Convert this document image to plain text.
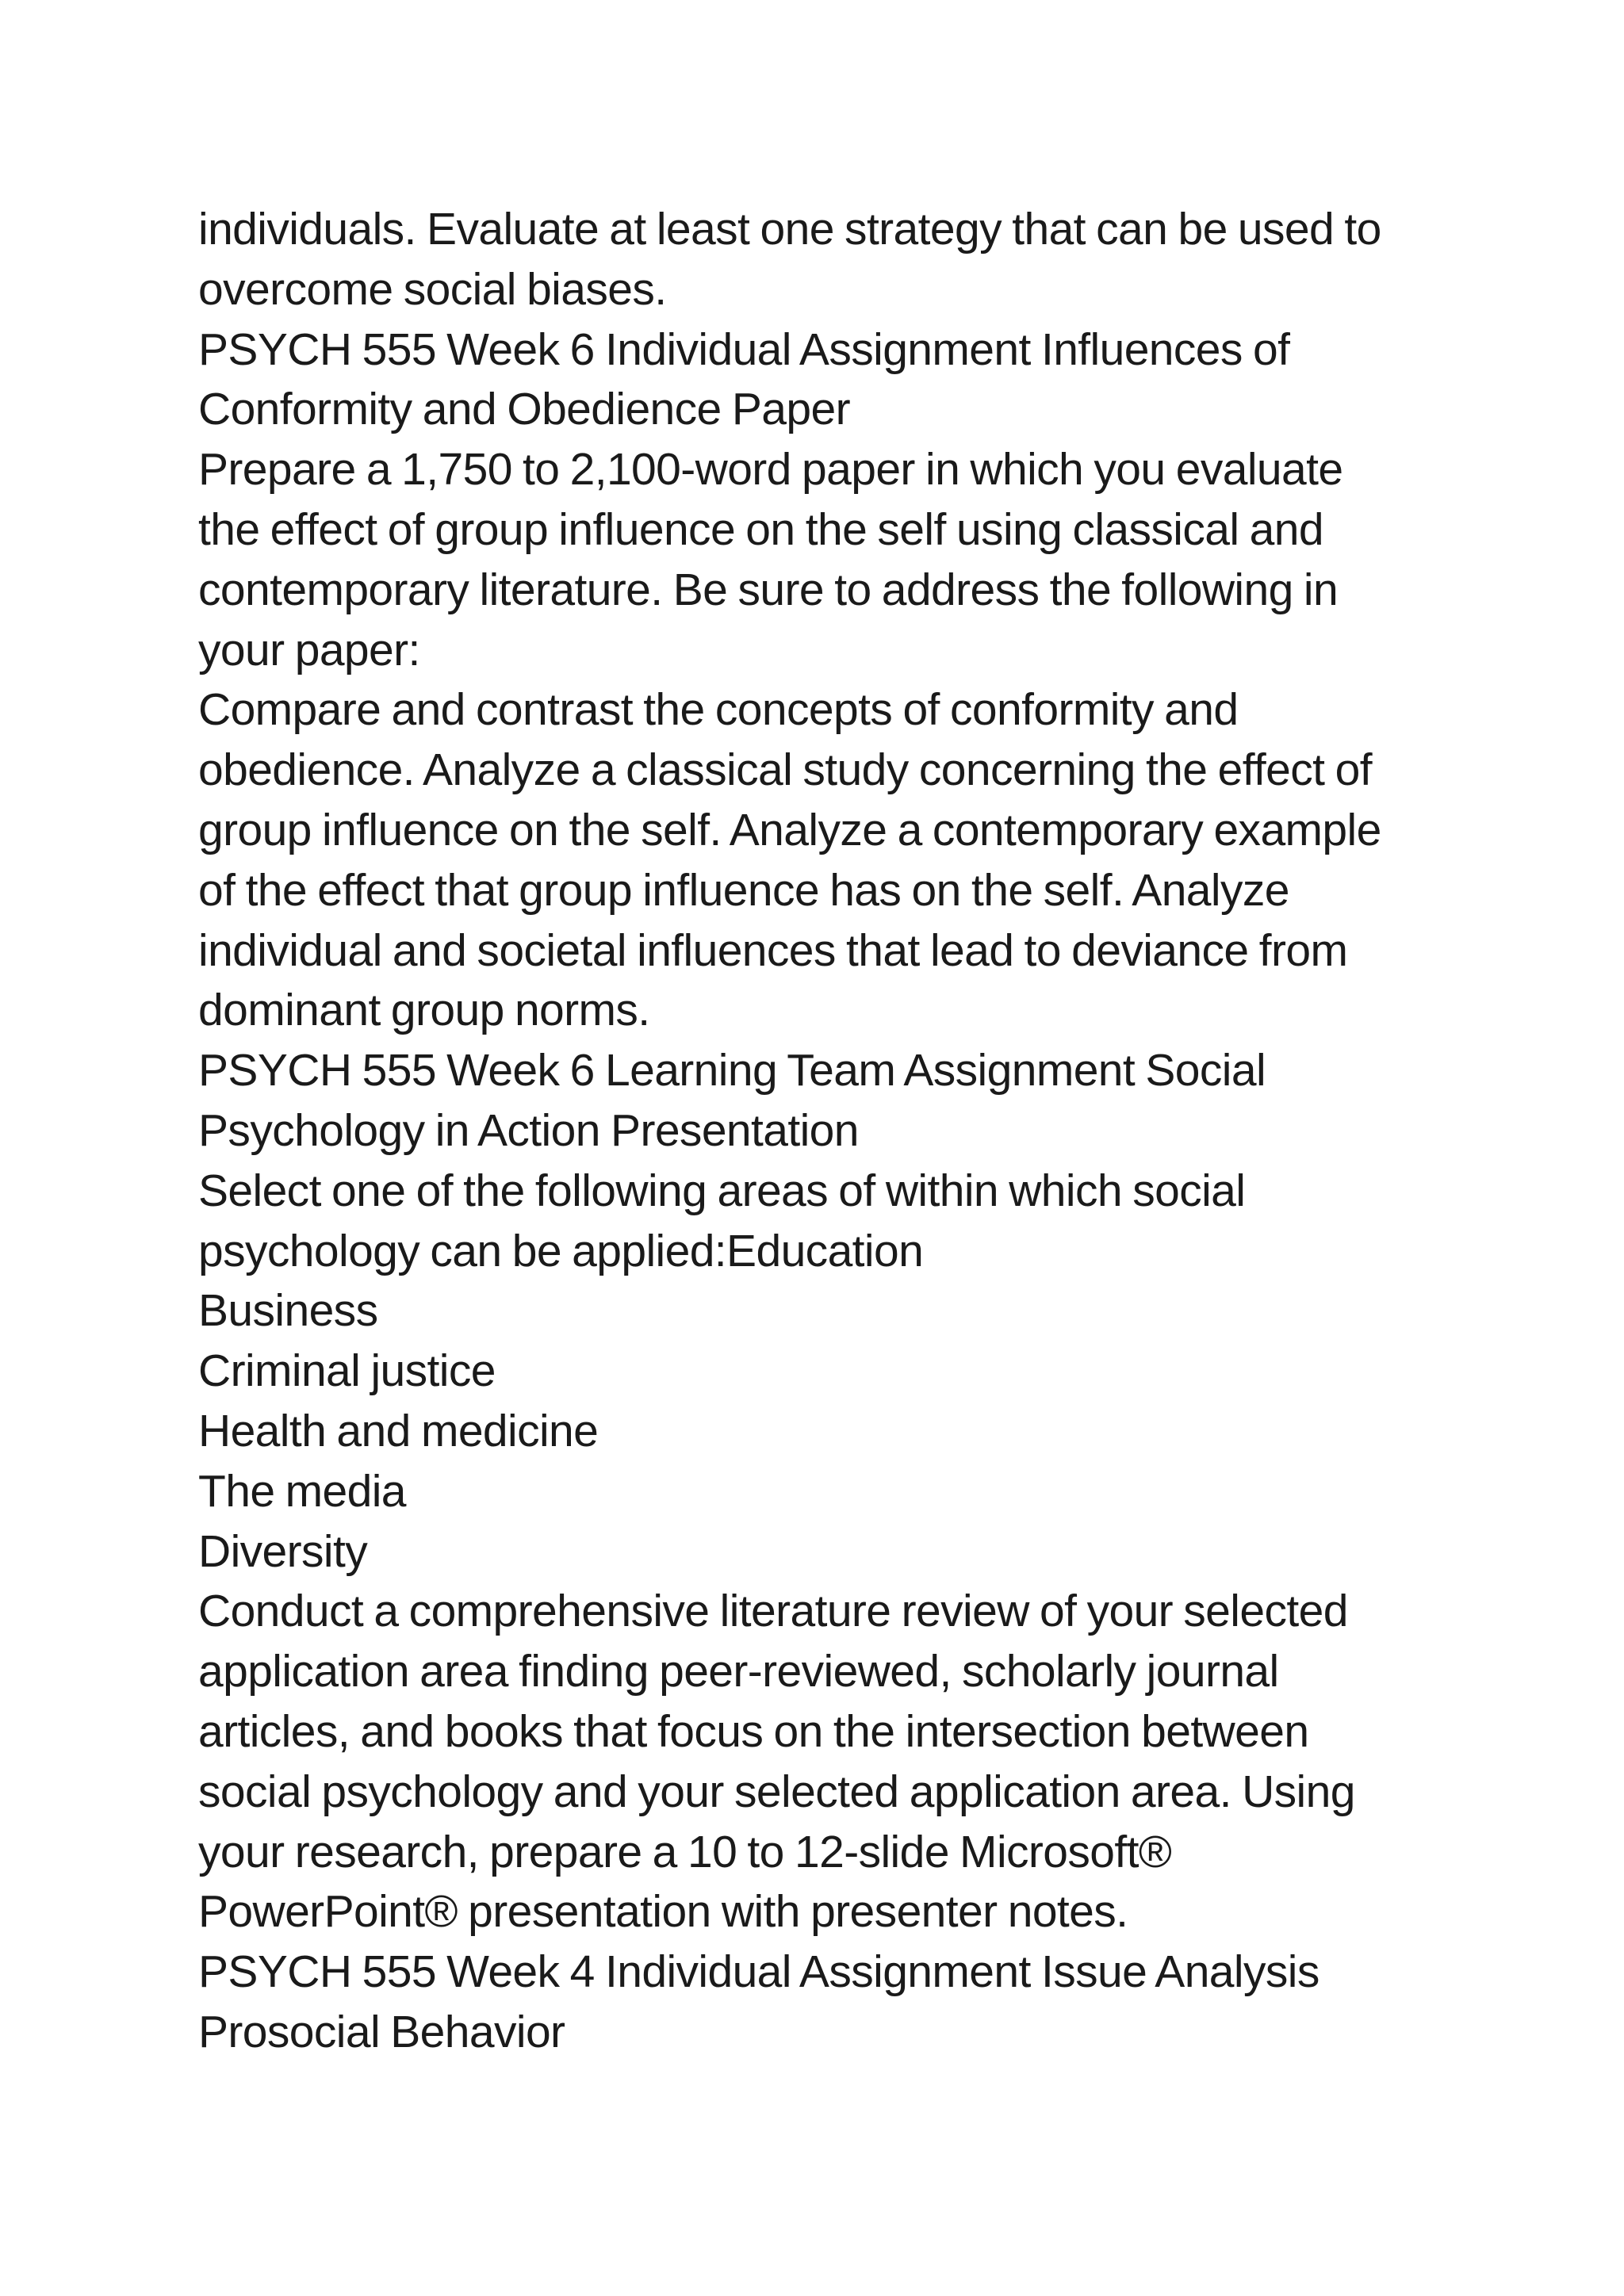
individuals. Evaluate at least one strategy that can be used to
overcome social biases.
PSYCH 555 Week 6 Individual Assignment Influences of
Conformity and Obedience Paper
Prepare a 1,750 to 2,100-word paper in which you evaluate
the effect of group influence on the self using classical and
contemporary literature. Be sure to address the following in
your paper:
Compare and contrast the concepts of conformity and
obedience. Analyze a classical study concerning the effect of
group influence on the self. Analyze a contemporary example
of the effect that group influence has on the self. Analyze
individual and societal influences that lead to deviance from
dominant group norms.
PSYCH 555 Week 6 Learning Team Assignment Social
Psychology in Action Presentation
Select one of the following areas of within which social
psychology can be applied:Education
Business
Criminal justice
Health and medicine
The media
Diversity
Conduct a comprehensive literature review of your selected
application area finding peer-reviewed, scholarly journal
articles, and books that focus on the intersection between
social psychology and your selected application area. Using
your research, prepare a 10 to 12-slide Microsoft®
PowerPoint® presentation with presenter notes.
PSYCH 555 Week 4 Individual Assignment Issue Analysis
Prosocial Behavior
